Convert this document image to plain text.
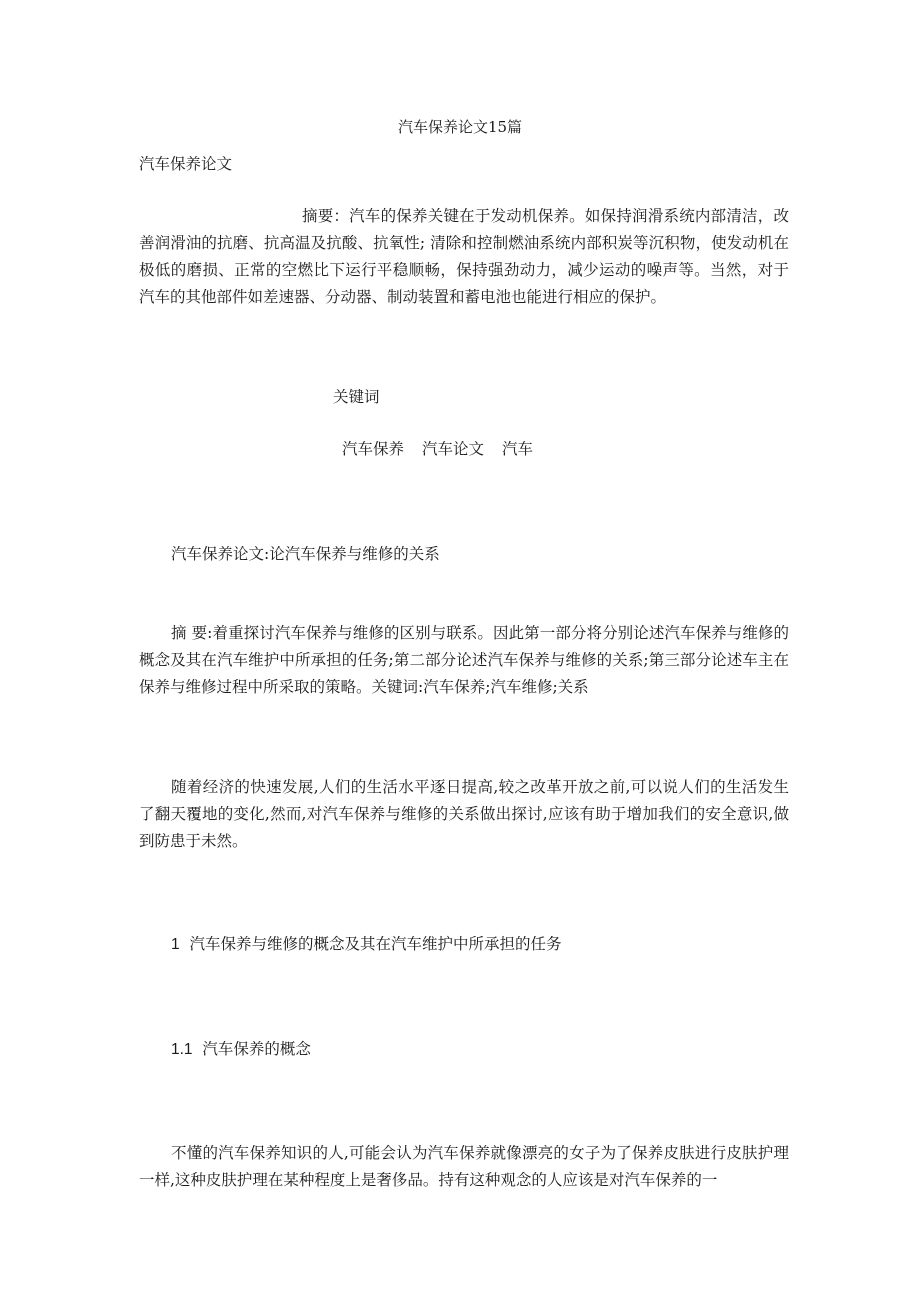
汽车保养论文15篇

汽车保养论文

摘要：汽车的保养关键在于发动机保养。如保持润滑系统内部清洁，改善润滑油的抗磨、抗高温及抗酸、抗氧性; 清除和控制燃油系统内部积炭等沉积物，使发动机在极低的磨损、正常的空燃比下运行平稳顺畅，保持强劲动力，减少运动的噪声等。当然，对于汽车的其他部件如差速器、分动器、制动装置和蓄电池也能进行相应的保护。

关键词

汽车保养 汽车论文 汽车

汽车保养论文:论汽车保养与维修的关系

摘 要:着重探讨汽车保养与维修的区别与联系。因此第一部分将分别论述汽车保养与维修的概念及其在汽车维护中所承担的任务;第二部分论述汽车保养与维修的关系;第三部分论述车主在保养与维修过程中所采取的策略。关键词:汽车保养;汽车维修;关系

随着经济的快速发展,人们的生活水平逐日提高,较之改革开放之前,可以说人们的生活发生了翻天覆地的变化,然而,对汽车保养与维修的关系做出探讨,应该有助于增加我们的安全意识,做到防患于未然。

1 汽车保养与维修的概念及其在汽车维护中所承担的任务

1.1 汽车保养的概念

不懂的汽车保养知识的人,可能会认为汽车保养就像漂亮的女子为了保养皮肤进行皮肤护理一样,这种皮肤护理在某种程度上是奢侈品。持有这种观念的人应该是对汽车保养的一
